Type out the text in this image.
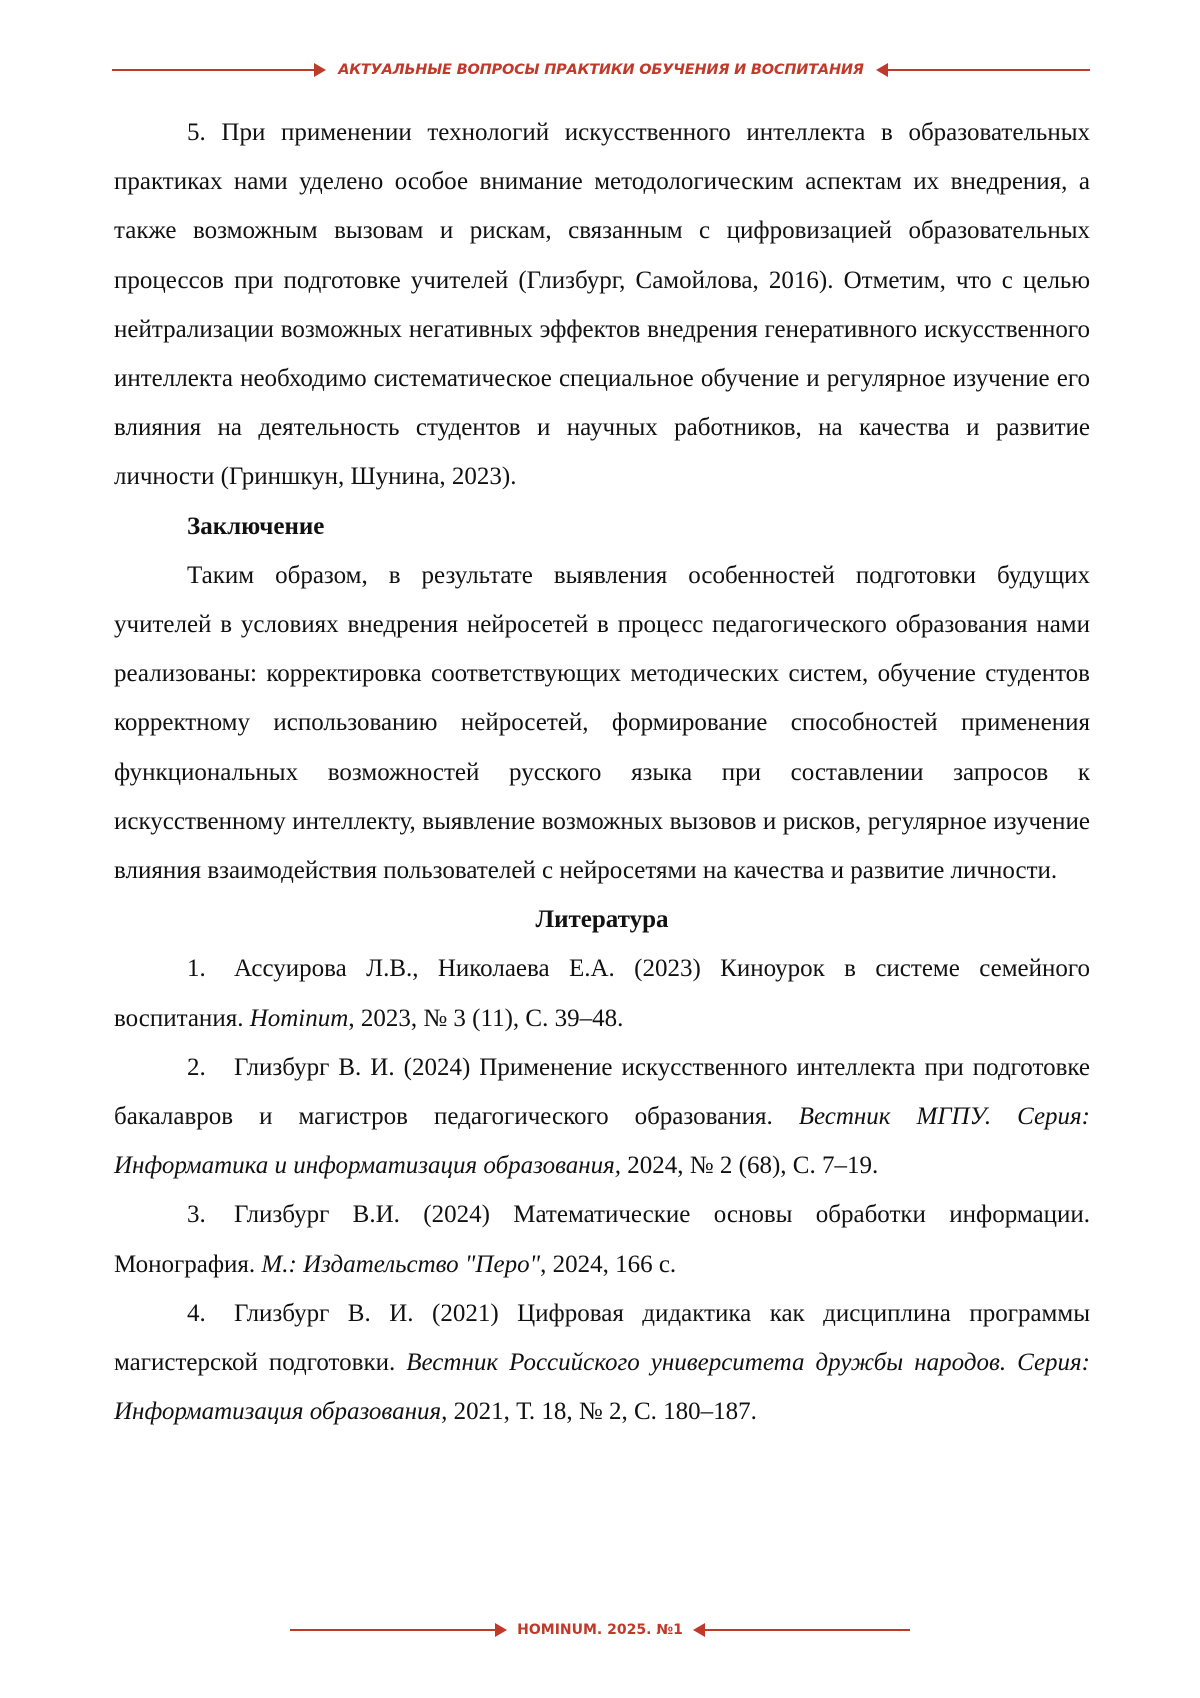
АКТУАЛЬНЫЕ ВОПРОСЫ ПРАКТИКИ ОБУЧЕНИЯ И ВОСПИТАНИЯ

5. При применении технологий искусственного интеллекта в образовательных практиках нами уделено особое внимание методологическим аспектам их внедрения, а также возможным вызовам и рискам, связанным с цифровизацией образовательных процессов при подготовке учителей (Глизбург, Самойлова, 2016). Отметим, что с целью нейтрализации возможных негативных эффектов внедрения генеративного искусственного интеллекта необходимо систематическое специальное обучение и регулярное изучение его влияния на деятельность студентов и научных работников, на качества и развитие личности (Гриншкун, Шунина, 2023).

Заключение

Таким образом, в результате выявления особенностей подготовки будущих учителей в условиях внедрения нейросетей в процесс педагогического образования нами реализованы: корректировка соответствующих методических систем, обучение студентов корректному использованию нейросетей, формирование способностей применения функциональных возможностей русского языка при составлении запросов к искусственному интеллекту, выявление возможных вызовов и рисков, регулярное изучение влияния взаимодействия пользователей с нейросетями на качества и развитие личности.

Литература

1. Ассуирова Л.В., Николаева Е.А. (2023) Киноурок в системе семейного воспитания. Hominum, 2023, № 3 (11), С. 39–48.

2. Глизбург В. И. (2024) Применение искусственного интеллекта при подготовке бакалавров и магистров педагогического образования. Вестник МГПУ. Серия: Информатика и информатизация образования, 2024, № 2 (68), С. 7–19.

3. Глизбург В.И. (2024) Математические основы обработки информации. Монография. М.: Издательство "Перо", 2024, 166 с.

4. Глизбург В. И. (2021) Цифровая дидактика как дисциплина программы магистерской подготовки. Вестник Российского университета дружбы народов. Серия: Информатизация образования, 2021, Т. 18, № 2, С. 180–187.

HOMINUM. 2025. №1
